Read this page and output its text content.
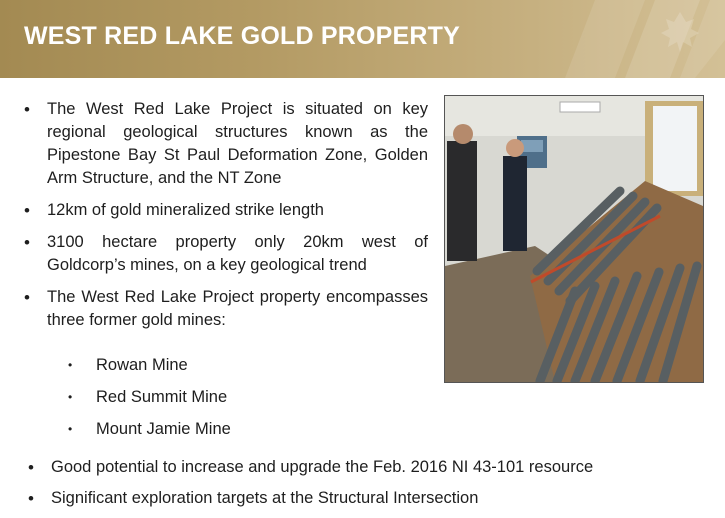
WEST RED LAKE GOLD PROPERTY
• The West Red Lake Project is situated on key regional geological structures known as the Pipestone Bay St Paul Deformation Zone, Golden Arm Structure, and the NT Zone
• 12km of gold mineralized strike length
• 3100 hectare property only 20km west of Goldcorp’s mines, on a key geological trend
• The West Red Lake Project property encompasses three former gold mines:
• Rowan Mine
• Red Summit Mine
• Mount Jamie Mine
• Good potential to increase and upgrade the Feb. 2016 NI 43-101 resource
• Significant exploration targets at the Structural Intersection
